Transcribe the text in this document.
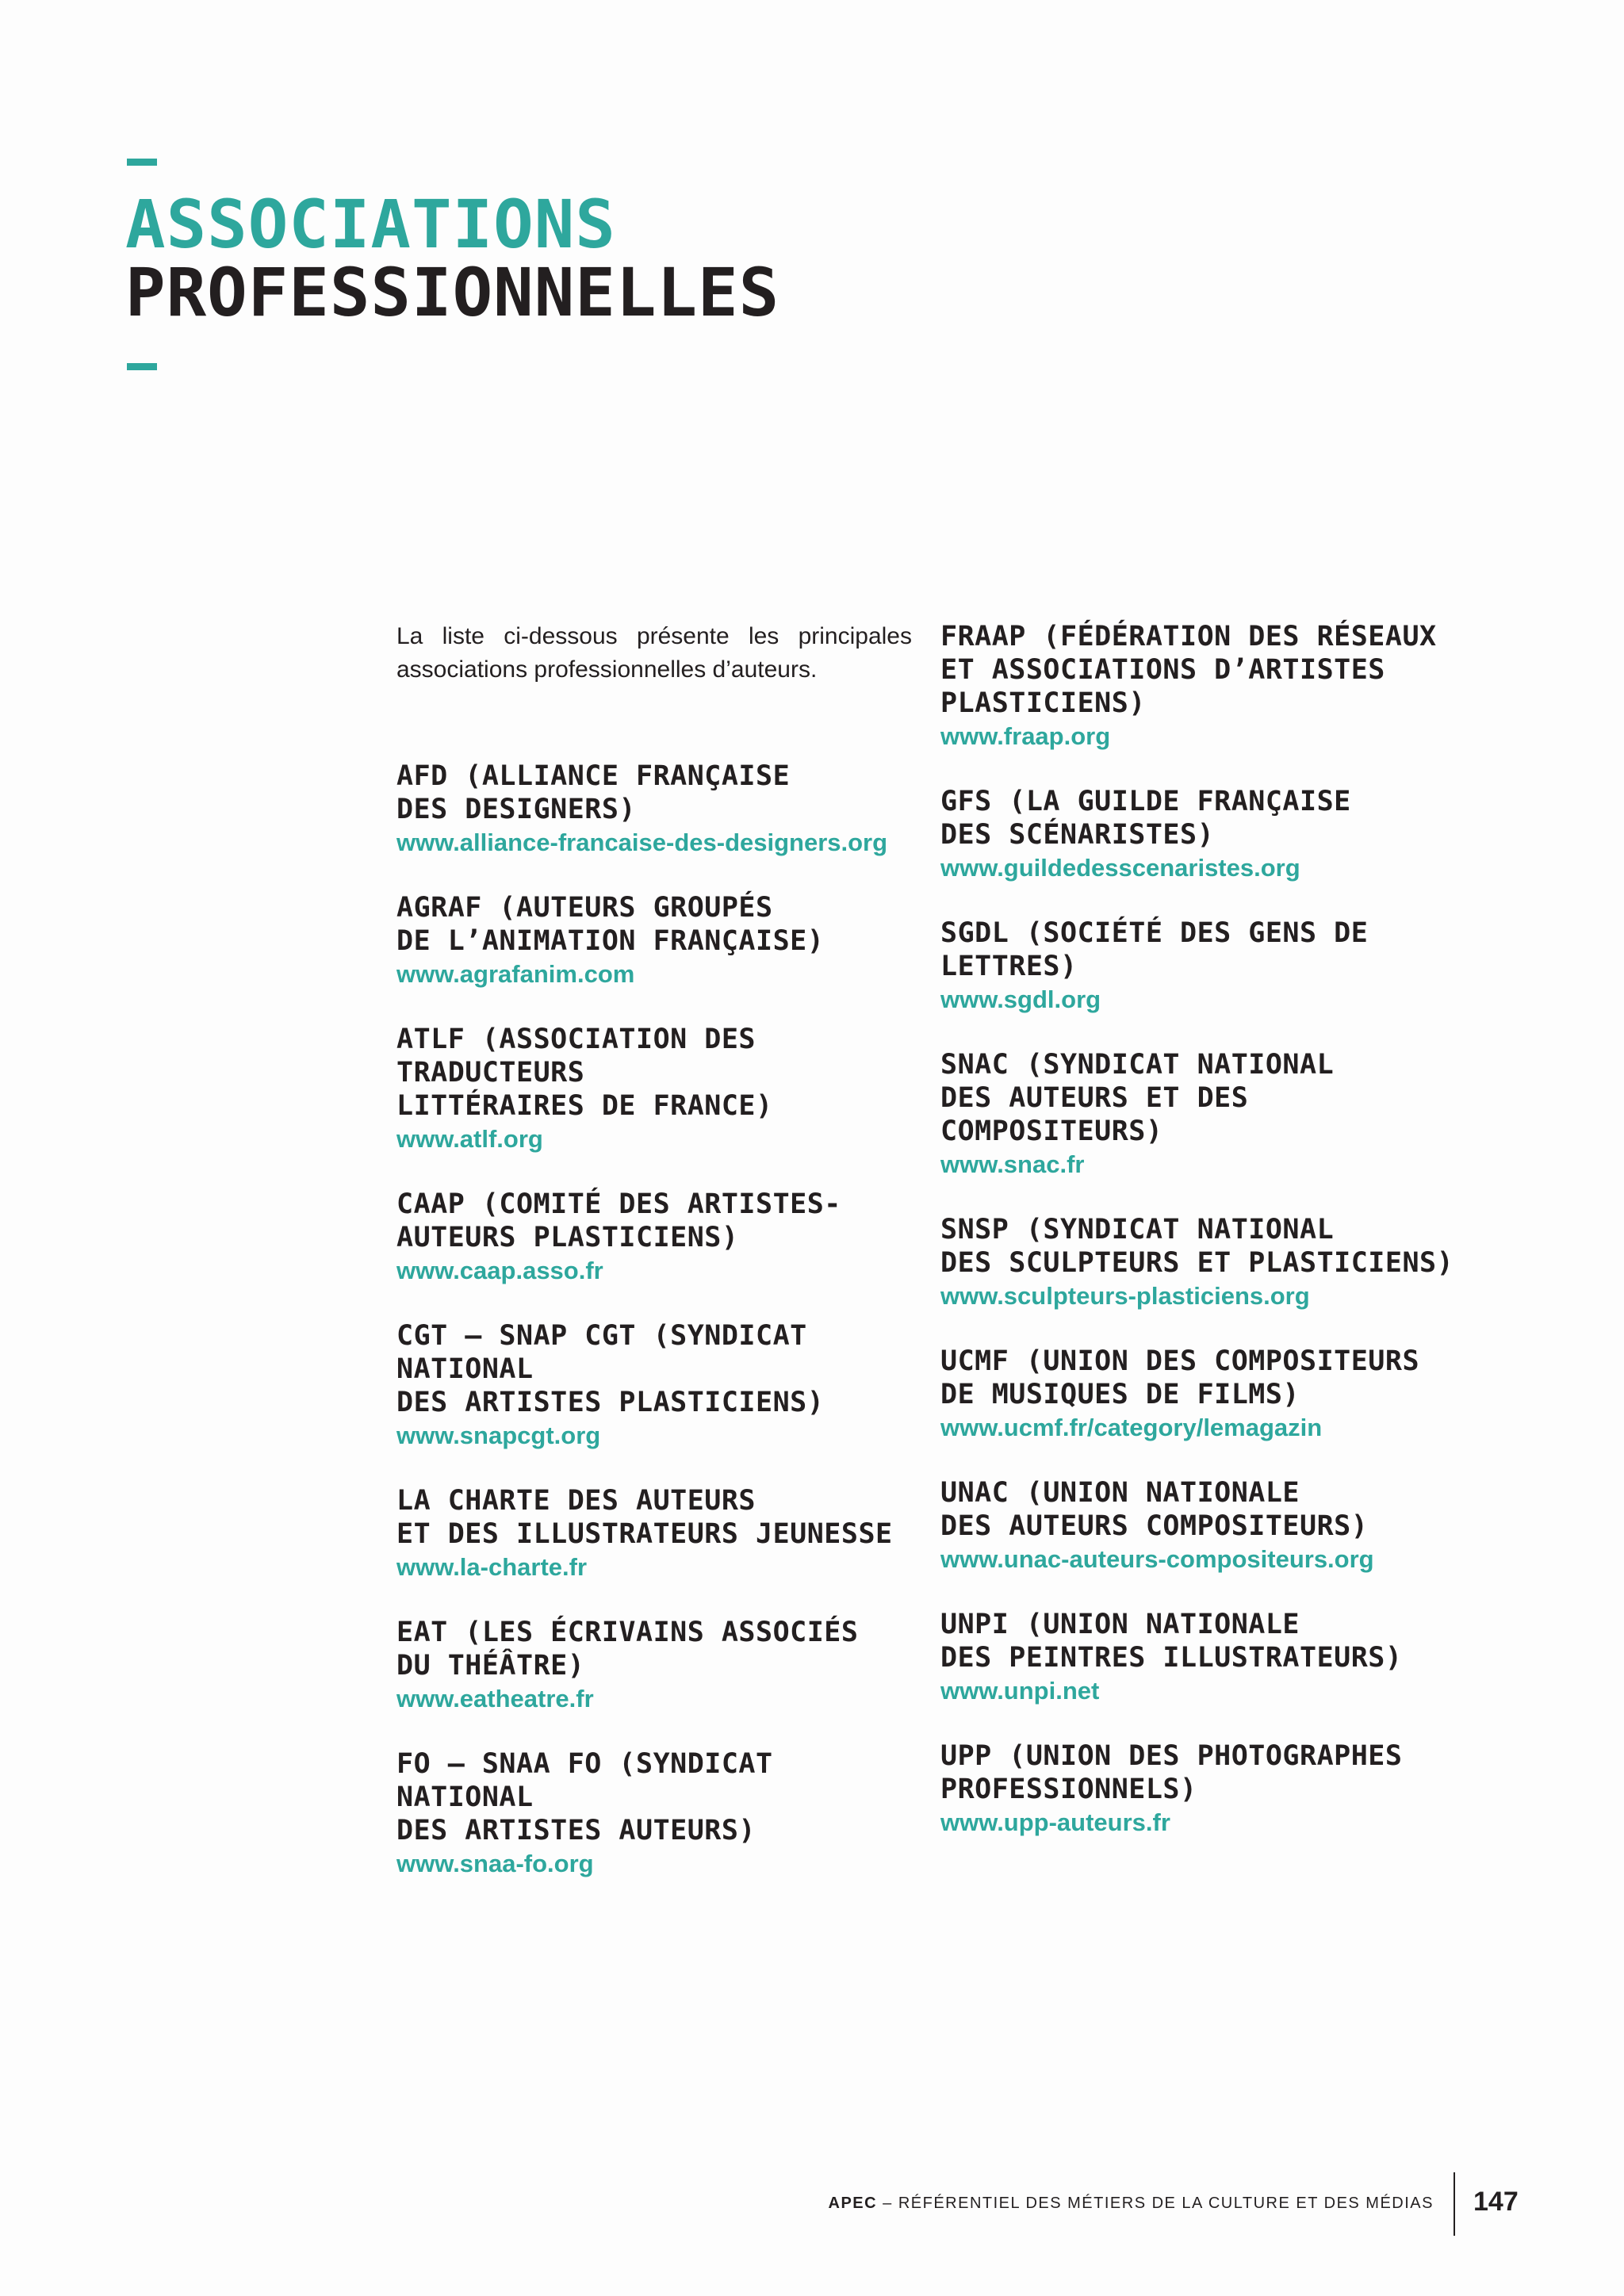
ASSOCIATIONS
PROFESSIONNELLES

La liste ci-dessous présente les principales associations professionnelles d’auteurs.

AFD (ALLIANCE FRANÇAISE
DES DESIGNERS)

www.alliance-francaise-des-designers.org

AGRAF (AUTEURS GROUPÉS
DE L’ANIMATION FRANÇAISE)

www.agrafanim.com

ATLF (ASSOCIATION DES TRADUCTEURS
LITTÉRAIRES DE FRANCE)

www.atlf.org

CAAP (COMITÉ DES ARTISTES-
AUTEURS PLASTICIENS)

www.caap.asso.fr

CGT – SNAP CGT (SYNDICAT NATIONAL
DES ARTISTES PLASTICIENS)

www.snapcgt.org

LA CHARTE DES AUTEURS
ET DES ILLUSTRATEURS JEUNESSE

www.la-charte.fr

EAT (LES ÉCRIVAINS ASSOCIÉS
DU THÉÂTRE)

www.eatheatre.fr

FO – SNAA FO (SYNDICAT NATIONAL
DES ARTISTES AUTEURS)

www.snaa-fo.org

FRAAP (FÉDÉRATION DES RÉSEAUX
ET ASSOCIATIONS D’ARTISTES
PLASTICIENS)

www.fraap.org

GFS (LA GUILDE FRANÇAISE
DES SCÉNARISTES)

www.guildedesscenaristes.org

SGDL (SOCIÉTÉ DES GENS DE LETTRES)

www.sgdl.org

SNAC (SYNDICAT NATIONAL
DES AUTEURS ET DES COMPOSITEURS)

www.snac.fr

SNSP (SYNDICAT NATIONAL
DES SCULPTEURS ET PLASTICIENS)

www.sculpteurs-plasticiens.org

UCMF (UNION DES COMPOSITEURS
DE MUSIQUES DE FILMS)

www.ucmf.fr/category/lemagazin

UNAC (UNION NATIONALE
DES AUTEURS COMPOSITEURS)

www.unac-auteurs-compositeurs.org

UNPI (UNION NATIONALE
DES PEINTRES ILLUSTRATEURS)

www.unpi.net

UPP (UNION DES PHOTOGRAPHES
PROFESSIONNELS)

www.upp-auteurs.fr
APEC – RÉFÉRENTIEL DES MÉTIERS DE LA CULTURE ET DES MÉDIAS 147
